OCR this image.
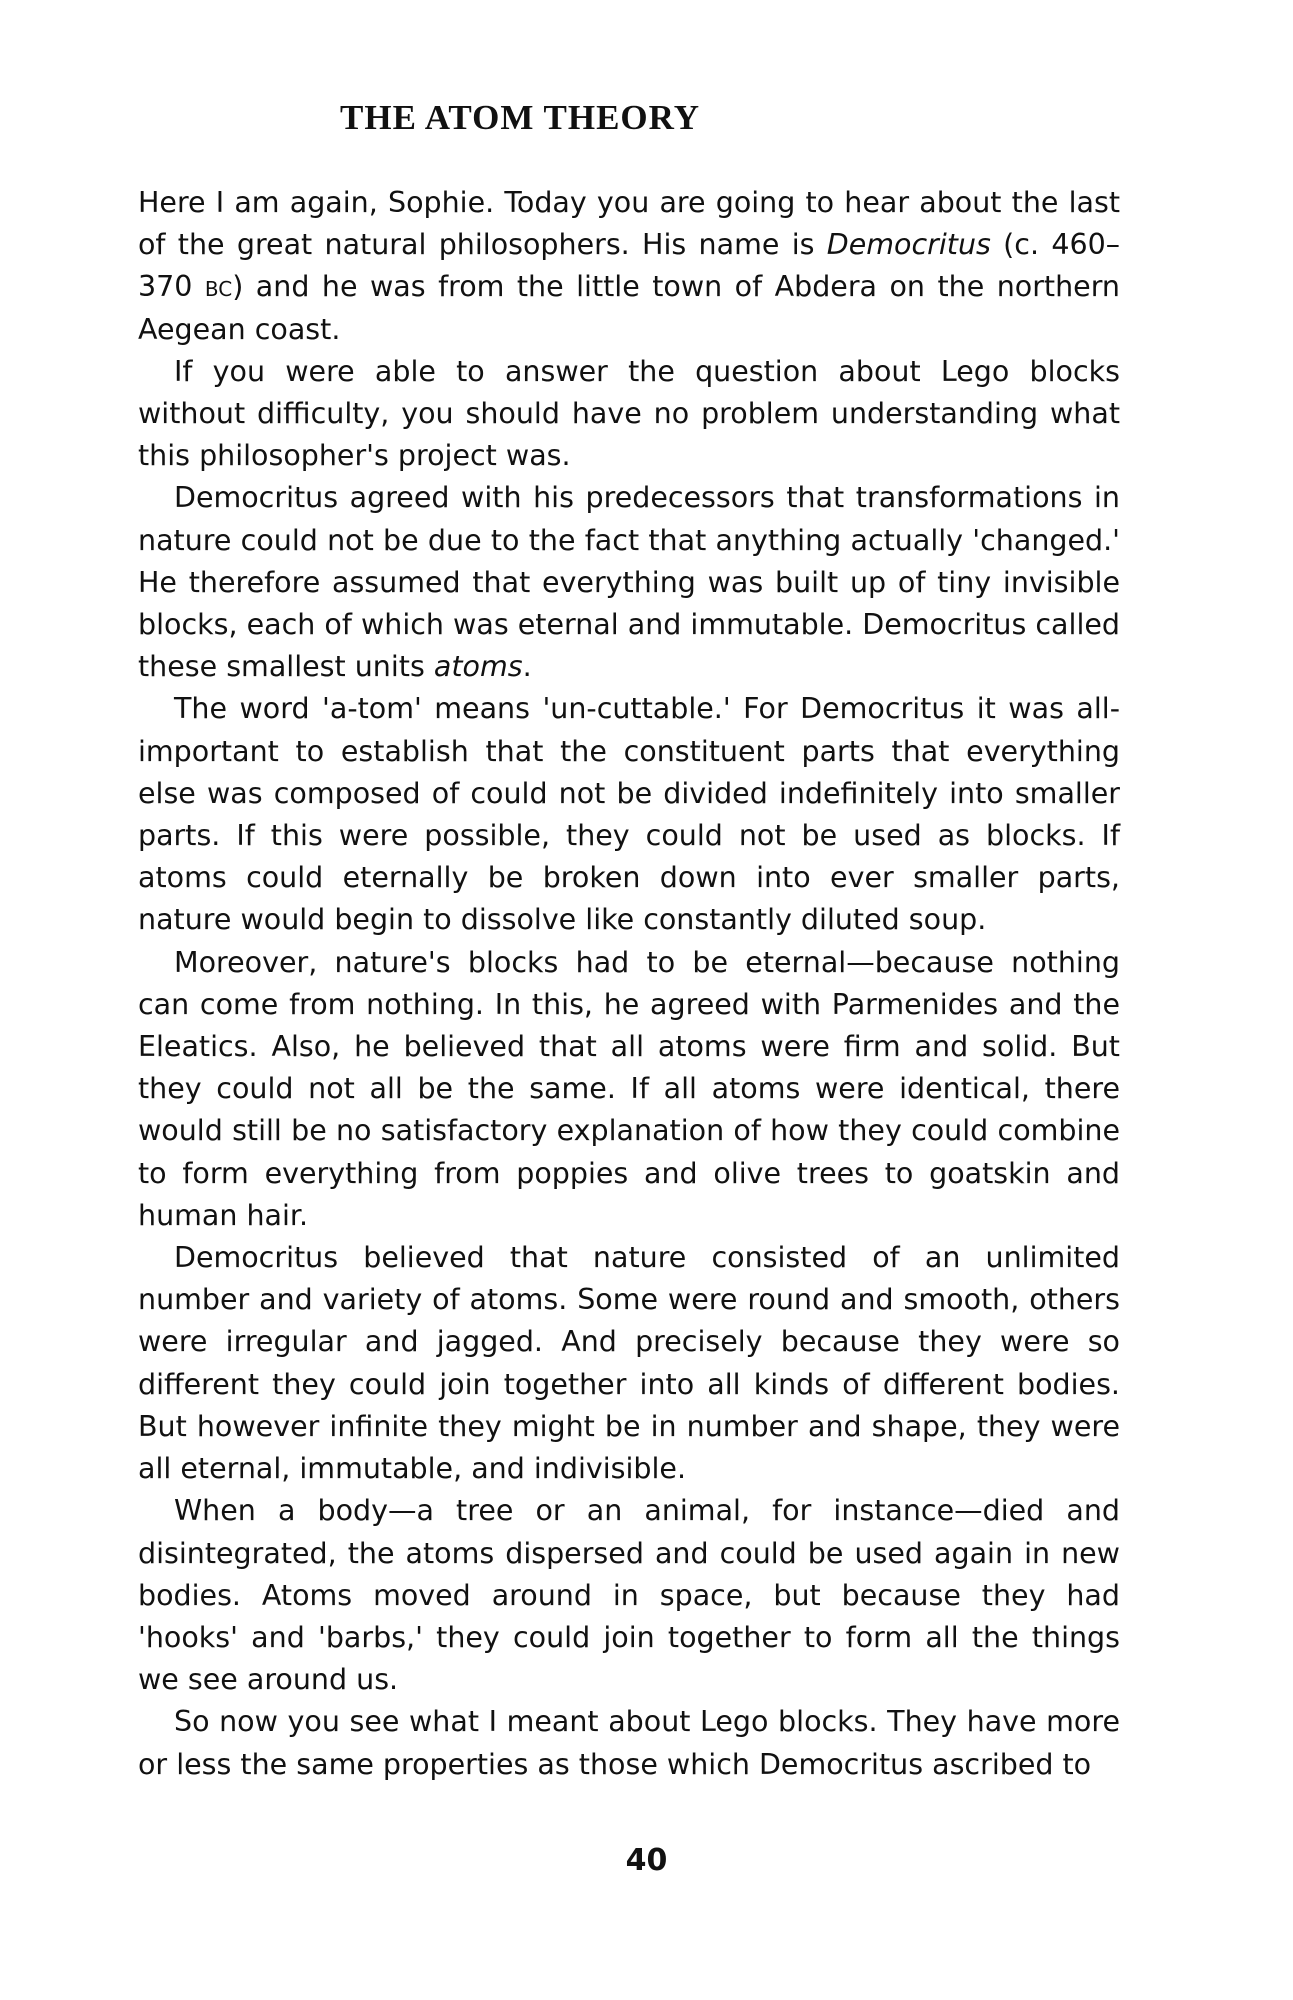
THE ATOM THEORY

Here I am again, Sophie. Today you are going to hear about the last of the great natural philosophers. His name is Democritus (c. 460–370 bc) and he was from the little town of Abdera on the northern Aegean coast.

If you were able to answer the question about Lego blocks without difficulty, you should have no problem understanding what this philosopher's project was.

Democritus agreed with his predecessors that transformations in nature could not be due to the fact that anything actually 'changed.' He therefore assumed that everything was built up of tiny invisible blocks, each of which was eternal and immutable. Democritus called these smallest units atoms.

The word 'a-tom' means 'un-cuttable.' For Democritus it was all-important to establish that the constituent parts that everything else was composed of could not be divided indefinitely into smaller parts. If this were possible, they could not be used as blocks. If atoms could eternally be broken down into ever smaller parts, nature would begin to dissolve like constantly diluted soup.

Moreover, nature's blocks had to be eternal—because nothing can come from nothing. In this, he agreed with Parmenides and the Eleatics. Also, he believed that all atoms were firm and solid. But they could not all be the same. If all atoms were identical, there would still be no satisfactory explanation of how they could combine to form everything from poppies and olive trees to goatskin and human hair.

Democritus believed that nature consisted of an unlimited number and variety of atoms. Some were round and smooth, others were irregular and jagged. And precisely because they were so different they could join together into all kinds of different bodies. But however infinite they might be in number and shape, they were all eternal, immutable, and indivisible.

When a body—a tree or an animal, for instance—died and disintegrated, the atoms dispersed and could be used again in new bodies. Atoms moved around in space, but because they had 'hooks' and 'barbs,' they could join together to form all the things we see around us.

So now you see what I meant about Lego blocks. They have more or less the same properties as those which Democritus ascribed to

40
